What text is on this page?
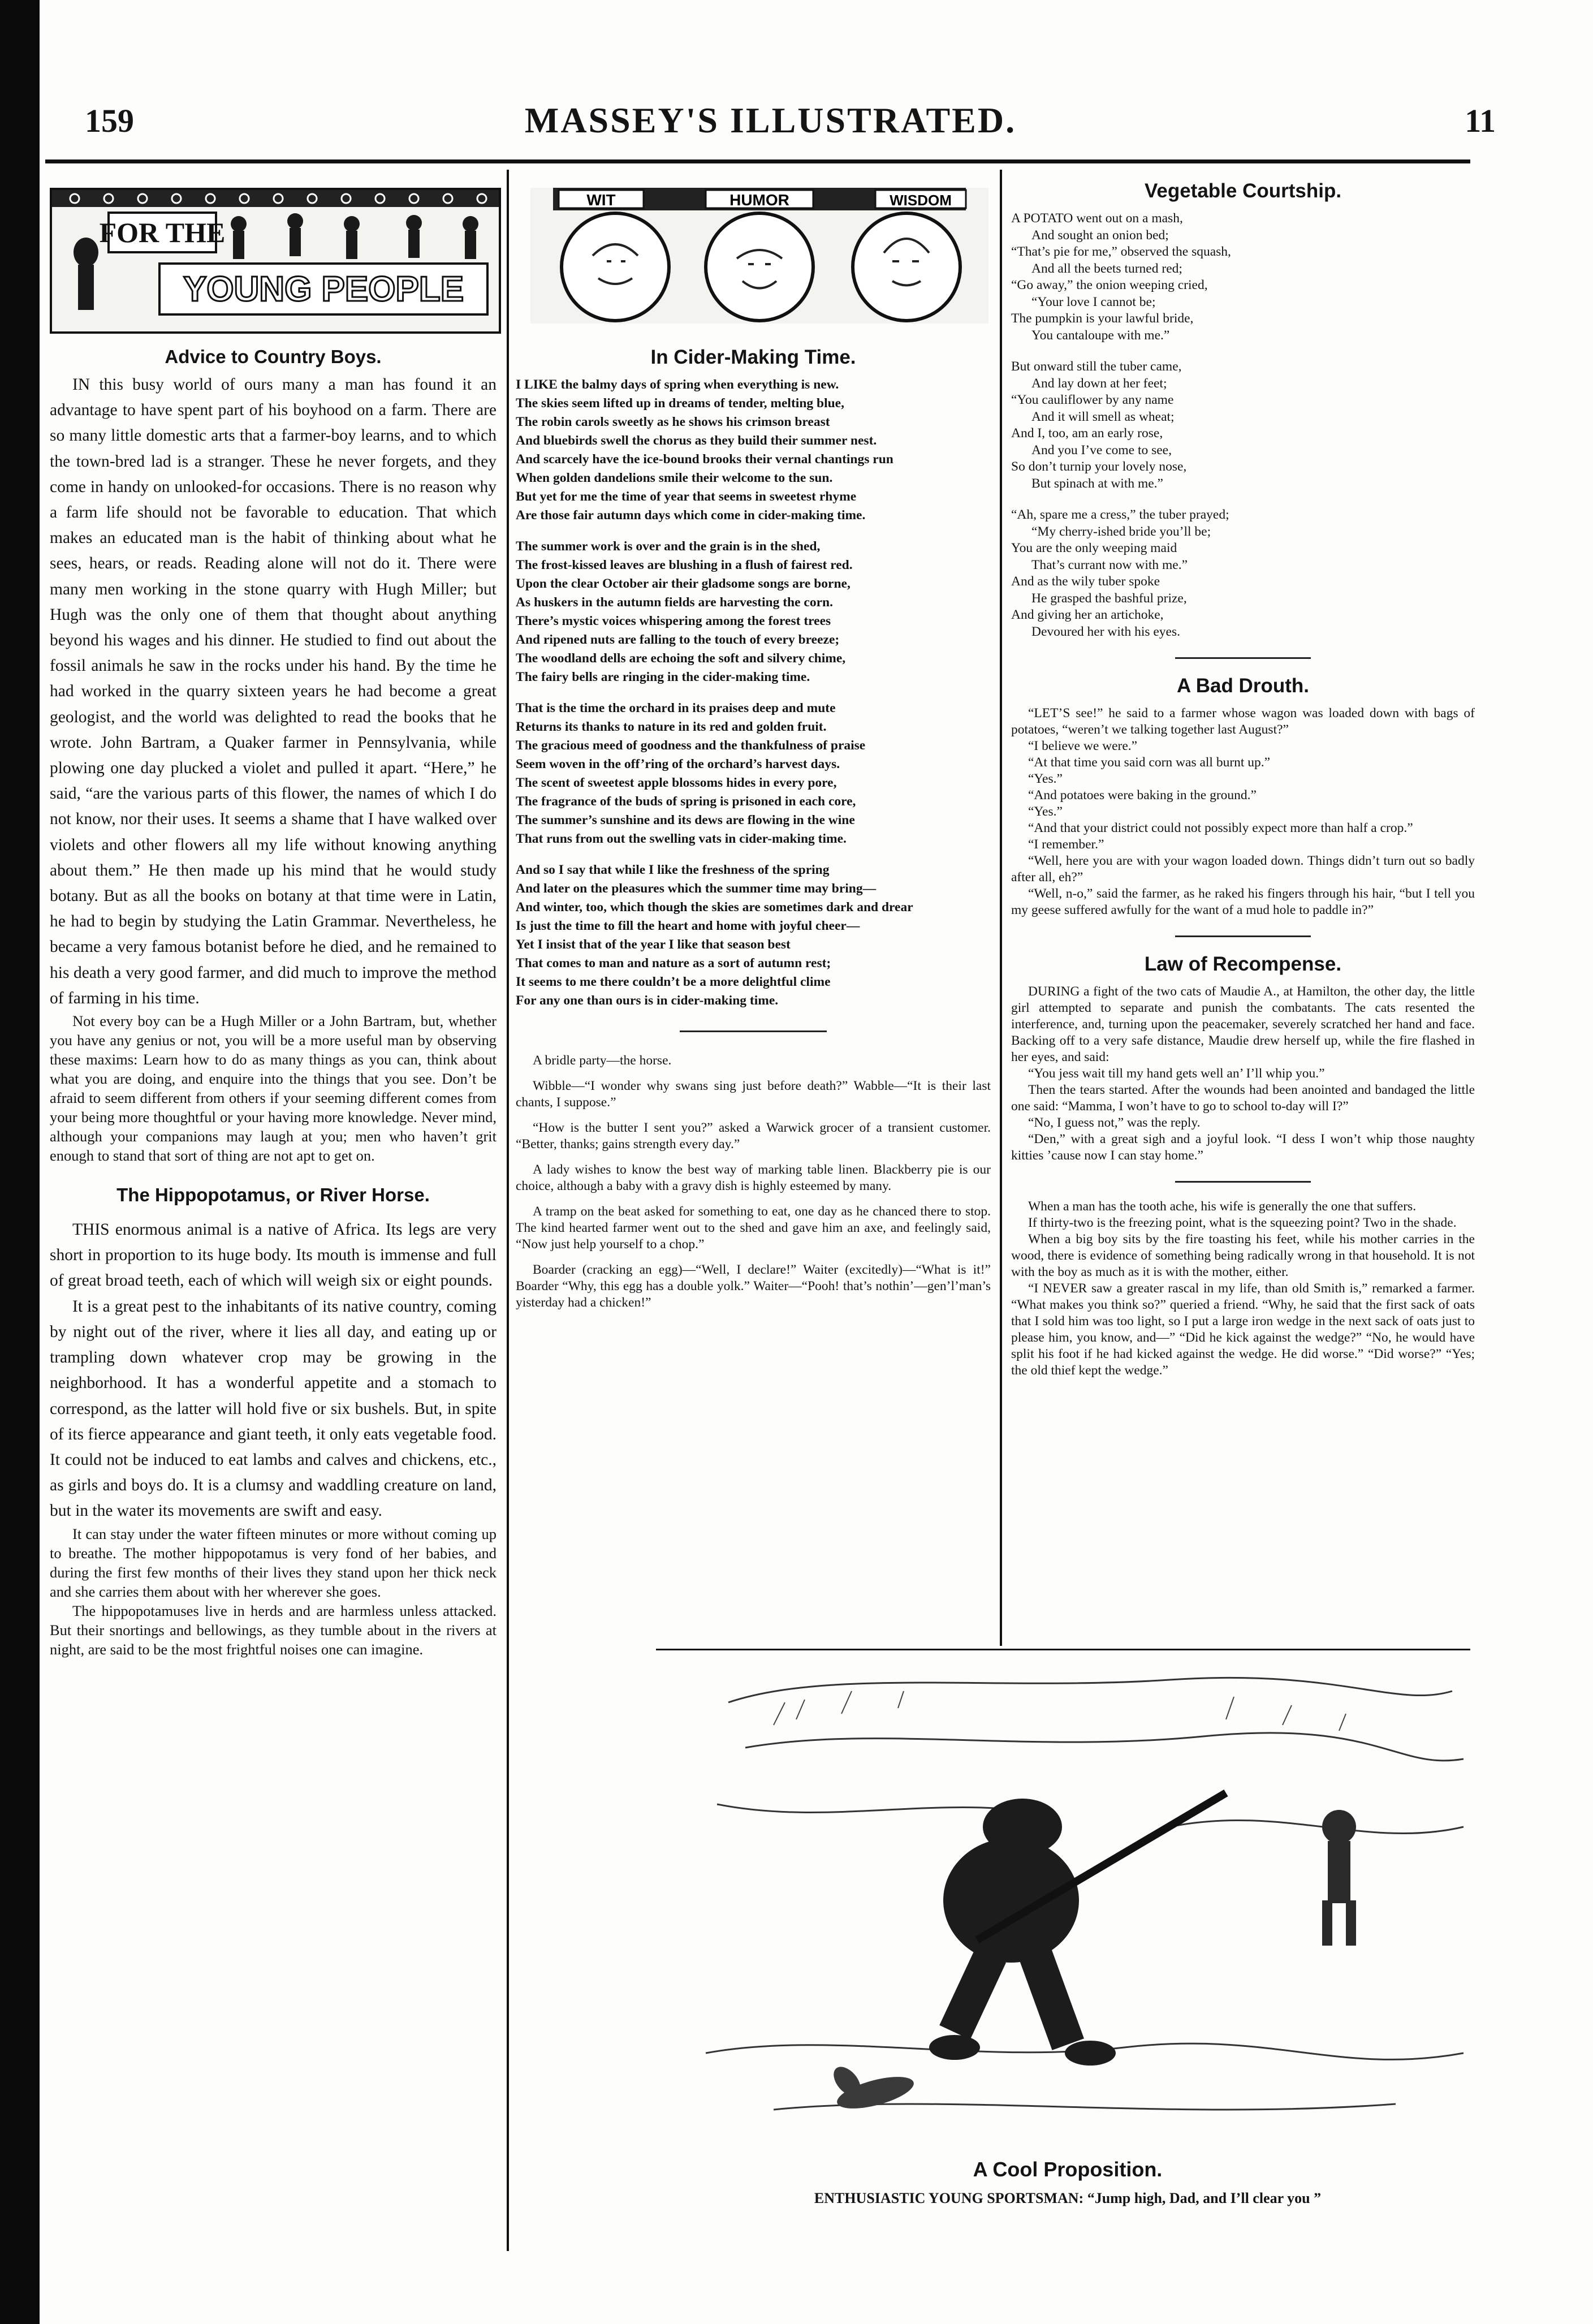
159	MASSEY'S ILLUSTRATED.	11
FOR THE
YOUNG PEOPLE
WIT	HUMOR	WISDOM
Advice to Country Boys.

IN this busy world of ours many a man has found it an advantage to have spent part of his boyhood on a farm. There are so many little domestic arts that a farmer-boy learns, and to which the town-bred lad is a stranger. These he never forgets, and they come in handy on unlooked-for occasions. There is no reason why a farm life should not be favorable to education. That which makes an educated man is the habit of thinking about what he sees, hears, or reads. Reading alone will not do it. There were many men working in the stone quarry with Hugh Miller; but Hugh was the only one of them that thought about anything beyond his wages and his dinner. He studied to find out about the fossil animals he saw in the rocks under his hand. By the time he had worked in the quarry sixteen years he had become a great geologist, and the world was delighted to read the books that he wrote. John Bartram, a Quaker farmer in Pennsylvania, while plowing one day plucked a violet and pulled it apart. “Here,” he said, “are the various parts of this flower, the names of which I do not know, nor their uses. It seems a shame that I have walked over violets and other flowers all my life without knowing anything about them.” He then made up his mind that he would study botany. But as all the books on botany at that time were in Latin, he had to begin by studying the Latin Grammar. Nevertheless, he became a very famous botanist before he died, and he remained to his death a very good farmer, and did much to improve the method of farming in his time.

Not every boy can be a Hugh Miller or a John Bartram, but, whether you have any genius or not, you will be a more useful man by observing these maxims: Learn how to do as many things as you can, think about what you are doing, and enquire into the things that you see. Don’t be afraid to seem different from others if your seeming different comes from your being more thoughtful or your having more knowledge. Never mind, although your companions may laugh at you; men who haven’t grit enough to stand that sort of thing are not apt to get on.

The Hippopotamus, or River Horse.

THIS enormous animal is a native of Africa. Its legs are very short in proportion to its huge body. Its mouth is immense and full of great broad teeth, each of which will weigh six or eight pounds.

It is a great pest to the inhabitants of its native country, coming by night out of the river, where it lies all day, and eating up or trampling down whatever crop may be growing in the neighborhood. It has a wonderful appetite and a stomach to correspond, as the latter will hold five or six bushels. But, in spite of its fierce appearance and giant teeth, it only eats vegetable food. It could not be induced to eat lambs and calves and chickens, etc., as girls and boys do. It is a clumsy and waddling creature on land, but in the water its movements are swift and easy.

It can stay under the water fifteen minutes or more without coming up to breathe. The mother hippopotamus is very fond of her babies, and during the first few months of their lives they stand upon her thick neck and she carries them about with her wherever she goes.

The hippopotamuses live in herds and are harmless unless attacked. But their snortings and bellowings, as they tumble about in the rivers at night, are said to be the most frightful noises one can imagine.

In Cider-Making Time.
I LIKE the balmy days of spring when everything is new.
The skies seem lifted up in dreams of tender, melting blue,
The robin carols sweetly as he shows his crimson breast
And bluebirds swell the chorus as they build their summer nest.
And scarcely have the ice-bound brooks their vernal chantings run
When golden dandelions smile their welcome to the sun.
But yet for me the time of year that seems in sweetest rhyme
Are those fair autumn days which come in cider-making time.
The summer work is over and the grain is in the shed,
The frost-kissed leaves are blushing in a flush of fairest red.
Upon the clear October air their gladsome songs are borne,
As huskers in the autumn fields are harvesting the corn.
There’s mystic voices whispering among the forest trees
And ripened nuts are falling to the touch of every breeze;
The woodland dells are echoing the soft and silvery chime,
The fairy bells are ringing in the cider-making time.
That is the time the orchard in its praises deep and mute
Returns its thanks to nature in its red and golden fruit.
The gracious meed of goodness and the thankfulness of praise
Seem woven in the off’ring of the orchard’s harvest days.
The scent of sweetest apple blossoms hides in every pore,
The fragrance of the buds of spring is prisoned in each core,
The summer’s sunshine and its dews are flowing in the wine
That runs from out the swelling vats in cider-making time.
And so I say that while I like the freshness of the spring
And later on the pleasures which the summer time may bring—
And winter, too, which though the skies are sometimes dark and drear
Is just the time to fill the heart and home with joyful cheer—
Yet I insist that of the year I like that season best
That comes to man and nature as a sort of autumn rest;
It seems to me there couldn’t be a more delightful clime
For any one than ours is in cider-making time.

A bridle party—the horse.

Wibble—“I wonder why swans sing just before death?” Wabble—“It is their last chants, I suppose.”

“How is the butter I sent you?” asked a Warwick grocer of a transient customer. “Better, thanks; gains strength every day.”

A lady wishes to know the best way of marking table linen. Blackberry pie is our choice, although a baby with a gravy dish is highly esteemed by many.

A tramp on the beat asked for something to eat, one day as he chanced there to stop. The kind hearted farmer went out to the shed and gave him an axe, and feelingly said, “Now just help yourself to a chop.”

Boarder (cracking an egg)—“Well, I declare!” Waiter (excitedly)—“What is it!” Boarder “Why, this egg has a double yolk.” Waiter—“Pooh! that’s nothin’—gen’l’man’s yisterday had a chicken!”

Vegetable Courtship.
A POTATO went out on a mash,
And sought an onion bed;
“That’s pie for me,” observed the squash,
And all the beets turned red;
“Go away,” the onion weeping cried,
“Your love I cannot be;
The pumpkin is your lawful bride,
You cantaloupe with me.”
But onward still the tuber came,
And lay down at her feet;
“You cauliflower by any name
And it will smell as wheat;
And I, too, am an early rose,
And you I’ve come to see,
So don’t turnip your lovely nose,
But spinach at with me.”
“Ah, spare me a cress,” the tuber prayed;
“My cherry-ished bride you’ll be;
You are the only weeping maid
That’s currant now with me.”
And as the wily tuber spoke
He grasped the bashful prize,
And giving her an artichoke,
Devoured her with his eyes.
A Bad Drouth.

“LET’S see!” he said to a farmer whose wagon was loaded down with bags of potatoes, “weren’t we talking together last August?”

“I believe we were.”

“At that time you said corn was all burnt up.”

“Yes.”

“And potatoes were baking in the ground.”

“Yes.”

“And that your district could not possibly expect more than half a crop.”

“I remember.”

“Well, here you are with your wagon loaded down. Things didn’t turn out so badly after all, eh?”

“Well, n-o,” said the farmer, as he raked his fingers through his hair, “but I tell you my geese suffered awfully for the want of a mud hole to paddle in?”

Law of Recompense.

DURING a fight of the two cats of Maudie A., at Hamilton, the other day, the little girl attempted to separate and punish the combatants. The cats resented the interference, and, turning upon the peacemaker, severely scratched her hand and face. Backing off to a very safe distance, Maudie drew herself up, while the fire flashed in her eyes, and said:

“You jess wait till my hand gets well an’ I’ll whip you.”

Then the tears started. After the wounds had been anointed and bandaged the little one said: “Mamma, I won’t have to go to school to-day will I?”

“No, I guess not,” was the reply.

“Den,” with a great sigh and a joyful look. “I dess I won’t whip those naughty kitties ’cause now I can stay home.”

When a man has the tooth ache, his wife is generally the one that suffers.

If thirty-two is the freezing point, what is the squeezing point? Two in the shade.

When a big boy sits by the fire toasting his feet, while his mother carries in the wood, there is evidence of something being radically wrong in that household. It is not with the boy as much as it is with the mother, either.

“I NEVER saw a greater rascal in my life, than old Smith is,” remarked a farmer. “What makes you think so?” queried a friend. “Why, he said that the first sack of oats that I sold him was too light, so I put a large iron wedge in the next sack of oats just to please him, you know, and—” “Did he kick against the wedge?” “No, he would have split his foot if he had kicked against the wedge. He did worse.” “Did worse?” “Yes; the old thief kept the wedge.”

A Cool Proposition.
ENTHUSIASTIC YOUNG SPORTSMAN: “Jump high, Dad, and I’ll clear you ”
